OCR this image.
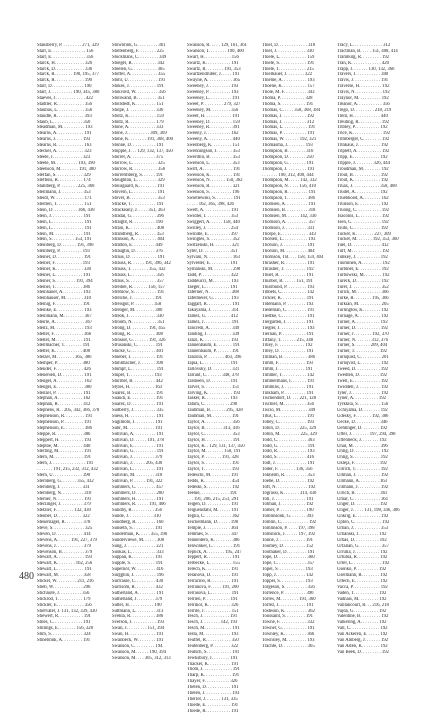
Stansberry, P. . . . . . . . . 271, 329
Starr, E. . . . . . . . . . . . . . . 156
Starr, E. . . . . . . . . . . . . . . 356
Starck, H. . . . . . . . . . . . . 326
Starck, D. . . . . . . . . . . . . 336
Starck, R. . . . . . . . 190, 195, 377
Starck, R. . . . . . . . . . . . . 190
Starr, D. . . . . . . . . . . . . . 190
Starr, J. . . . . . . . . . 190, 345, 380
Staeves, J. . . . . . . . . . . . . 422
Stadtler, R. . . . . . . . . . . . 356
Staubus, L. . . . . . . . . . . . 356
Staudte, R. . . . . . . . . . . . 393
Staub, L. . . . . . . . . . . . . 350
Steadman, M. . . . . . . . . . 193
Stearns, A. . . . . . . . . . . . 191
Stearns, J. . . . . . . . . . . . 193
Stearns, R. . . . . . . . . . . . 163
Steckel, A. . . . . . . . . . . . 323
Steele, J. . . . . . . . . . . . . 323
Steele, M. . . . . . . . . . 193, 390
Steenson, M. . . . . . . . 191, 380
Steffan, S. . . . . . . . . . . . 329
Steffens, R. . . . . . . . . . . 174
Stahlberg, P. . . . . . . . 225, 368
Steilmann, J. . . . . . . . . . 353
Steidl, W. . . . . . . . . . . . . 171
Steiflen, T. . . . . . . . . . . . 151
Stein, D. . . . . . . . . . . 366, 438
Stein, J. . . . . . . . . . . . . . 191
Stein, L. . . . . . . . . . . . . . 191
Stein, L. . . . . . . . . . . . . . 191
Stein, M. . . . . . . . . . . . . 191
Stein, S. . . . . . . . . . 153, 191
Steinberg, D. . . . . . . 191, 390
Steinberg, P. . . . . . . . . . 193
Steiner, D. . . . . . . . . . . . 191
Steiner, F. . . . . . . . . . . . 193
Steiner, K. . . . . . . . . . . . 330
Steiner, L. . . . . . . . . . . . 191
Steiner, S. . . . . . . . . 191, 394
Steiner, T. . . . . . . . . . . . 386
Steinhauer, A. . . . . . . . . 193
Steinhauser, M. . . . . . . . 310
Steinig, F. . . . . . . . . . . . 191
Steinke, E. . . . . . . . . . . . 193
Steinmann, M. . . . . . . . . 367
Steirle, A. . . . . . . . . . . . . 367
Steitz, M. . . . . . . . . . . . . 193
Stelter, F. . . . . . . . . . . . . 366
Stelter, M. . . . . . . . . . . . 191
Stellmacher, T. . . . . . . . 191
Stelter, K. . . . . . . . . . . . 408
Stelzer, M. . . . . . . . 365, 386
Stemper, P. . . . . . . . . . . 380
Stender, F. . . . . . . . . . . . 426
Stenersen, D. . . . . . . . . . 191
Stengel, A. . . . . . . . . . . . 162
Stengel, E. . . . . . . . . . . . 380
Stenzel, P. . . . . . . . . . . . 191
Stephan, A. . . . . . . . . . . 162
Stephan, R. . . . . . . . . . . 412
Stephens, R. . 205, 342, 366, 378
Stephenson, R. . . . . . . . . 191
Stephenson, P. . . . . . . . . 191
Stephenson, E. . . . . . . . . 386
Steppe, R. . . . . . . . . . . . 386
Steppert, H. . . . . . . . . . . 193
Steptoe, M. . . . . . . . . . . 440
Sterling, M. . . . . . . . . . . 191
Stern, M. . . . . . . . . . . . . 191
Stern, J. . . . . . . . . . . . . . . 191
. . . . . . . 191, 215, 232, 312, 432
Stern, U. . . . . . . . . . . . . 390
Sternberg, G. . . . . . . 355, 432
Sternberg, J. . . . . . . . . . 331
Sternberg, N. . . . . . . . . . 310
Sterner, N. . . . . . . . . . . . 191
Sterzinger, J. . . . . . . . . . 379
Stetzler, F. . . . . . . . 132, 430
Steuber, D. . . . . . . . . . . 322
Steuernagel, R. . . . . . . . 378
Steve, S. . . . . . . . . . . . . . 325
Steven, D. . . . . . . . . . . . 414
Stevens, A. . . . . . 191, 227, 379
Stevens, J. . . . . . . . . . . . 379
Stevenson, B. . . . . . . . . . 379
Stewart, A. . . . . . . . . . . . 193
Stewart, K. . . . . . . . 162, 256
Stewart, L. . . . . . . . . . . . 191
Stewart, M. . . . . . . . . . . 358
Stickel, W. . . . . . . . . 211, 216
Stieb, W. . . . . . . . . . . . . 296
Stichnote, J. . . . . . . . . . 356
Stickrod, T. . . . . . . . . . . 179
Stickler, E. . . . . . . . . . . . 356
Stiefvater, J. 131, 132, 339, 430
Stiewert, R. . . . . . . . . . . 191
Stiles, C. . . . . . . . . . . . . 191
Stillings, E. . . . . . . . 156, 328
Stim, S. . . . . . . . . . . . . . 324
Stinebrink, A. . . . . . . . . 191
Stowbrink, G. . . . . . . . . 361
Stoltenberg, F. . . . . . . . 225
Stockmans, C. . . . . . . . . 349
Stoeger, R. . . . . . . . . . . 342
Stoelen, G. . . . . . . . . . . 365
Stoffel, A. . . . . . . . . . . . 455
Stohr, U. . . . . . . . . . . . . 191
Stokes, J. . . . . . . . . . . . 191
Stokvold, W. . . . . . . . . . 356
Stoliwand, B. . . . . . . . . 351
Stollstedt, K. . . . . . . . . 151
Stolpe, J. . . . . . . . . . . . 336
Stoltz, K. . . . . . . . . . . . 159
Stoltz, R. . . . . . . . . . . . 179
Stone, A. . . . . . . . . . . . 333
Stone, J. . . . . . . . . . 309, 369
Stone, K. . . . . . . . 191, 368, 400
Stonne, D. . . . . . . . . . . 191
Stopple, J. . . 129, 132, 137, 450
Storrer, A. . . . . . . . . . . 375
Storrow, L. . . . . . . . . . . 325
Storrow, R. . . . . . . . . . . 356
Storrermberg, S. . . . . . 191
Stoughton, L. . . . . . . . . 329
Stousgaard, K. . . . . . . . 191
Stovern, L. . . . . . . . . . . 191
Stover, B. . . . . . . . . . . . 353
Stracke, T. . . . . . . . . . . 191
Strackeany, J. . . . . 351, 363
Stradal, G. . . . . . . . . . . 396
Straight, R. . . . . . . . . . 190
Strain, K. . . . . . . . . . . . 400
Strandberg, R. . . . . . . . 353
Stranson, A. . . . . . . . . . 404
Stratton, E. . . . . . . . . . 449
Straughn, D. . . . . . . . . 376
Straus, D. . . . . . . . . . . . 191
Strauss, R. . . . . . 191, 396, 342
Strauss, T. . . . . . . . 355, 432
Strauss, L. . . . . . . . . . . 356
Straus, S. . . . . . . . . . . . 357
Streibel, R. . . . . . . 156, 157
Strehlow, S. . . . . . . . . . 191
Streiche, J. . . . . . . . . . 191
Streisgut, P. . . . . . . . . 358
Strenger, M. . . . . . . . . 380
Streok, J. . . . . . . . . . . . 330
Stroom, N. . . . . . . . . . . 351
Strong, D. . . . . . . . 191, 455
Strong, R. . . . . . . . . . . 308
Strosser, G. . . . . . . 191, 326
Strusanski, C. . . . . . . . 191
Stucke, G. . . . . . . . . . . 401
Stueber, J. . . . . . . . . . . 191
Stuhlmacher, J. . . . . . . 390
Stumpf, L. . . . . . . . . . . 191
Stuper, T. . . . . . . . . . . 193
Stürmer, B. . . . . . . . . . 442
Styles, H. . . . . . . . . . . 163
Suarez, B. . . . . . . . . . . 191
Suaudi, E. . . . . . . . . . . 191
Suarez, D. . . . . . . . . . . 191
Sudberry, J. . . . . . . . . . 335
Suess, H. . . . . . . . . . . . 191
Sugimoto, J. . . . . . . . . 191
Suhr, M. . . . . . . . . . . . 191
Sullivan, A. . . . . . . . . . 191
Sullivan, D. . . . . . 191, 378
Sullivan, E. . . . . . . . . . 191
Sullivan, G. . . . . . . . . . 191
Sullivan, J. . . . . . . . . . 379
Sullivan, J. . . . . . 205, 430
Sullivan, L. . . . . . . . . . 191
Sullivan, M. . . . . . . . . 310
Sullivan, P. . . . . . 191, 322
Summers, C. . . . . . . . . 457
Summers, D. . . . . . . . . 200
Summers, H. . . . . . . . . 191
Summers, R. . . . . . 191, 406
Sundby, R. . . . . . . . . . 356
Sunde, J. . . . . . . . . . . 310
Sundberg, R. . . . . . . . . 160
Sunseth, S. . . . . . . . . . 191
Sunderman, K. . . . . 355, 396
Sunderviewe, M. . . . . . 300
Sung, J. . . . . . . . . . . . . 221
Suokas, L. . . . . . . . . . . 333
Suppan, K. . . . . . . . . . 191
Supple, S. . . . . . . . . . . 191
Supernor, W. . . . . . . . . 416
Surgghin, J. . . . . . . . . . 196
Surrrasse, C. . . . . . . . . 430
Surrisom, R. . . . . . . . . 432
Sutherland, A. . . . . . . . 191
Sutherland, J. . . . . . . . 379
Sutter, H. . . . . . . . . . . 190
Suttmann, L. . . . . . . . . 313
Svehla, R. . . . . . . . . . . 386
Sverson, J. . . . . . . . . . . 193
Swan, J. . . . . . . . . 151, 394
Swan, H. . . . . . . . . . . . 191
Swanbeck, W. . . . . . . . 191
Swanson, C. . . . . . . . . 194
Swanson, M. . . . . . 190, 394
Swanson, M. . . . 305, 312, 313
Swanson, R. . . . . 129, 161, 361
Swanson, T. . . . . . . . 190, 400
Swart, H. . . . . . . . . . . . 156
Swartz, K. . . . . . . . . . . 191
Swartz, R. . . . . . . . 191, 353
Swartzendruber, J. . . . . 191
Swayne, A. . . . . . . . . . . 365
Sweeney, J. . . . . . . . . . 193
Sweeney, P. . . . . . . . . . 193
Sweeney, L. . . . . . . . . . 191
Sweet, P. . . . . . . . . 279, 327
Sweeney, M. . . . . . . . . 356
Sweet, H. . . . . . . . . . . . 191
Sweeney, D. . . . . . . . . . 159
Sweeney, R. . . . . . . . . . 391
Sweeny, J. . . . . . . . . . . 162
Sweeny, A. . . . . . . . . . . 440
Swenberg, K. . . . . . . . . 151
Swenningson, J. . . . . . . 353
Swerdlin, B. . . . . . . . . . 353
Swenson, L. . . . . . . . . . 353
Swift, A. . . . . . . . . . . . . 191
Swenson, K. . . . . . . . . . 191
Swenson, N. . . . . . . 150, 362
Swenson, R. . . . . . . . . . 321
Swenson, S. . . . . . . . . . 196
Swietlewski, S. . . . . . . . 191
. . . . . 162, 365, 398, 426
Swett, A. . . . . . . . . . . . 191
Swidler, I. . . . . . . . . . . 353
Swiggert, A. . . . . . 158, 440
Swilley, J. . . . . . . . . . . 254
Swindle, E. . . . . . . . . . 397
Swingles, S. . . . . . . . . . 352
Switzenski, H. . . . . . . . 321
Syter, D. . . . . . . . . . . . 351
Sylvain, N. . . . . . . . . . . 163
Sylvester, E. . . . . . . . . 191
Symanski, M. . . . . . . . . 298
Tadd, P. . . . . . . . . . . . . 422
Taddeucci, M. . . . . . . . 193
Taeger, L. . . . . . . . . . . 191
Taferner, N. . . . . . . . . . 308
Tafelmeier, G. . . . . . . . 193
Taggart, R. . . . . . . . . . . 191
Takayama, J. . . . . . . . . 314
Tamez, G. . . . . . . . . . . 412
Tamez, J. . . . . . . . . . . . 191
Tancredi, A. . . . . . . . . . 349
Tanding, J. . . . . . . . . . . 339
Tanzi, K. . . . . . . . . . . . 193
Tannenbaum, E. . . . . . . 191
Tannenbaum, P. . . . . . . 191
Tanzola, P. . . . . . . . 463, 396
Tapia, L. . . . . . . . . . . . 191
Tarlovsky, D. . . . . . . . . 331
Tarrant, C. . . . . . . 348, 378
Tarsheen, D. . . . . . . . . 191
Tarver, S. . . . . . . . . . . . 151
Tarving, K. . . . . . . . . . . 193
Tasker, R. . . . . . . . . . . 193
Tatum, C. . . . . . . . . . . 290
Taubman, B. . . . . . . 295, 428
Taubman, M. . . . . . . . . 191
Taylor, A. . . . . . . . . . . . 356
Taylor, B. . . . . . . . 313, 416
Taylor, C. . . . . . . . . . . . 353
Taylor, H. . . . . . . . . . . . 191
Taylor, K. . 129, 131, 137, 450
Taylor, M. . . . . . . . 150, 191
Taylor, P. . . . . . . . 191, 328
Taylor, S. . . . . . . . . . . . 191
Taylor, T. . . . . . . . . . . . 193
Tedeschi, M. . . . . . . . . 191
Tedds, K. . . . . . . . . . . . 454
Tedeski, S. . . . . . . . . . . 192
Teenie, . . . . . . . . . . . . 191
. . . 191, 206, 215, 251, 291
Teigen, D. . . . . . . . . . . 191
Teiguenstahl, M. . . . . . 191
Teglia, C. . . . . . . . . . . . 362
Teichelmann, D. . . . . . 198
Temple, J. . . . . . . . . . . 364
Temmes, S. . . . . . . . . . 347
Tennentero, K. . . . . . . . 386
Tenwinkel, L. . . . . . . . . 191
Teplick, A. . . . . . . . 195, 247
Teppert, R. . . . . . . . . . . 191
Terbecke, L. . . . . . . . . . 155
Terech, K. . . . . . . . . . . 191
Teranova, D. . . . . . . . . 191
Terracino, R. . . . . . . . . 191
Terranova, F. . . . . 191, 200
Terrasova, L. . . . . . . . . 191
Terrien, P. . . . . . . . . . . 191
Terrikor, K. . . . . . . . . . 326
Terrile, J. . . . . . . . . . . . 151
Tesch, J. . . . . . . . . . . . 191
Tesch, J. . . . . . . . 142, 193
Tesch, M. . . . . . . . . . . . 191
Testa, M. . . . . . . . . . . . 193
Teuffel, R. . . . . . . . . . . 350
Teutenberg, P. . . . . . . . 322
Teutsch, S. . . . . . . . . . . 191
Tewksbury, J. . . . . . . . 191
Thacker, K. . . . . . . . . . 191
Thom, J. . . . . . . . . . . . . 191
Tharp, K. . . . . . . . . . . . 191
Thayer, F. . . . . . . . . . . 326
Thelen, D. . . . . . . . . . . 191
Thelen, J. . . . . . . . . . . . 193
Theriot, J. . . . . . . 131, 335
Thiede, E. . . . . . . . . . . 191
Thiede, R. . . . . . . . . . . 191
Thiel, D. . . . . . . . . . . . . 318
Thiel, J. . . . . . . . . . . . . 330
Thiele, L. . . . . . . . . . . . 159
Thiele, S. . . . . . . . . . . . 191
Thiele, T. . . . . . . . . . . . 215
Thielhauer, J. . . . . . . . 322
Thieme, A. . . . . . . . . . . 193
Thoene, K. . . . . . . . . . . 157
Thole, M. F. . . . . . . . . . 343
Thoma, P. . . . . . . . . . . 328
Thoma, S. . . . . . . . . . . 191
Thomas, C. . . . . 358, 368, 384
Thomas, J. . . . . . . . . . . 192
Thomas, J. . . . . . . . . . . 312
Thomas, L. . . . . . . . . . . 191
Thomas, P. . . . . . . . . . . 191
Thomas, W. . . . . . . 192, 321
Thomasma, J. . . . . . . . 193
Thompson, B. . . . . . . . 316
Thompson, D. . . . . . . . 250
Thompson, G. . . . . . . . 191
Thompson, J. . . . . . . . . 191
. . . . . . . 190, 312, 400, 444
Thompson, M. . . . . 142, 332
Thompson, N. . . . . 156, 410
Thompson, R. . . . . . . . . 191
Thompson, T. . . . . . . . . 386
Thomsen, A. . . . . . . . . . 191
Thomsen, B. . . . . . . . . . 318
Thomsen, M. . . . . . 142, 330
Thomson, A. . . . . . . . . . 357
Thomson, J. . . . . . . . . . 331
Thorpe, E. . . . . . . . . . . . 343
Thorsen, L. . . . . . . . . . . 193
Thorson, J. . . . . . . . . . . 191
Thorson, M. . . . . . . . . . 404
Thornson, TB. . . . 158, 159, 404
Thrasher, R. . . . . . . . . . 191
Thrasher, T. . . . . . . . . . 192
Thuet, R. . . . . . . . . . . . 191
Thurber, R. . . . . . 151, 191
Thurmond, P. . . . . . . . . 193
Tibbets, C. . . . . . . . . . . 142
Tickler, K. . . . . . . . . . . 191
Tidemann, P. . . . . . . . . 193
Tiedeman, C. . . . . . . . . 191
Tiedtke, C. . . . . . . . . . . 191
Tiergarten, J. . . . . . . . . 191
Tiegler, J. . . . . . . . . . . . 193
Tiernan, P. . . . . . . . . . . 191
Tiffany, T. . . . . . . 215, 348
Tilley, F. . . . . . . . . . . . 192
Tilley, D. . . . . . . . . . . . 191
Tillman, B. . . . . . . . . . . 386
Timm, F. . . . . . . . . . . . 193
Timm, J. . . . . . . . . . . . 191
Timmer, T. . . . . . . . . . . 142
Timmermans, I. . . . . . . 191
Timmins, J. . . . . . . . . . 191
Tinkham, P. . . . . . . . . . 191
Tischendorf, D. . . . 221, 128
Tischler, M. . . . . . . . . . 356
Tiscio, M. . . . . . . . . . . . 349
Titus, L. . . . . . . . . . . . . 191
Tobey, C. . . . . . . . . . . . 193
Tobin, D. . . . . . . . . 225, 329
Tobin, M. . . . . . . . . 225, 329
Todd, C. . . . . . . . . . . . . 363
Todd, G. . . . . . . . . . . . . 191
Todd, R. . . . . . . . . . . . . 193
Todd, S. . . . . . . . . . . . . 416
Todt, J. . . . . . . . . . . . . . 191
Toder, F. . . . . . . . 136, 356
Tokheim, R. . . . . . . . . . 353
Toebe, D. . . . . . . . . . . . 192
Toft, N. . . . . . . . . . . . . . 192
Tograssi, K. . . . . . . 314, 430
Toll, J. . . . . . . . . . . . . . 191
Tolman, J. . . . . . . . . . . 192
Tomer, P. . . . . . . . . . . . 190
Tomlinsonk, G. . . . . . . 393
Tomlin, C. . . . . . . . . . . . 192
Tomlinson, P. . . . . 197, 398
Tomshick, J. . . . . . 197, 392
Tonne, J. . . . . . . . . . . . 191
Toomey, D. . . . . . . . . . 152
Toothaker, D. . . . . . . . . 191
Tope, D. . . . . . . . . . . . . 360
Tope, C. . . . . . . . . . . . . 357
Topel, S. . . . . . . . . . . . 193
Topp, J. . . . . . . . . . . . . 142
Toppel, S. . . . . . . . . . . 193
Torgeson, S. . . . . . . . . . 356
Torrence, P. . . . . . . . . . 390
Torres, M. . . . . . . . 191, 360
Torrez, J. . . . . . . . . . . . 191
Tosteson, K. . . . . . . . . . 362
Toussaint, S. . . . . . . . . 191
Towne, F. . . . . . . . . . . . 332
Towner, G. . . . . . . . . . . 191
Townley, K. . . . . . . . . . 366
Townsley, M. . . . . . . . . 193
Trachte, D. . . . . . . . . . . 365
Tracy, L. . . . . . . . . . . . . 312
Tractman, B. . . . . 151, 408, 414
Tramburg, R. . . . . . . . . 192
Tran, K. . . . . . . . . . . . . 420
Trapp, J. . . . . . . 130, 132, 366
Travers, J. . . . . . . . . . . 380
Travis, J. . . . . . . . . . . . 191
Traverse, H. . . . . . . . . . 192
Travis, N. . . . . . . . . . . . 192
Traynor, M. . . . . . . . . . 192
Treanor, A. . . . . . . . . . . 356
Trego, D. . . . . . . . . 218, 219
Trent, H. . . . . . . . . . . . 440
Treuting, R. . . . . . . . . . 192
Tribley, P. . . . . . . . . . . 192
Trice, K. . . . . . . . . . . . . 192
Trimberger, C. . . . . . . . 192
Trinkaus, J. . . . . . . . . . 192
Triplett, A. . . . . . . . . . . 192
Tripp, E. . . . . . . . . . . . 192
Trippie, J. . . . . . . . 326, 444
Troudman, M. . . . . . . . 192
Trout, B. . . . . . . . . . . . 192
Trout, K. . . . . . . . . . . . 192
Truax, J. . . . . . . . . . . . 358, 408
Trudel, A. . . . . . . . . . . 192
Truebhood, A. . . . . . . . 162
Truilson, E. . . . . . . . . . 192
Truong, C. . . . . . . . . . . 192
Tsaconis, L. . . . . . . . . . 192
Tsen, C. . . . . . . . . . . . . 192
Tsuto, C. . . . . . . . . . . . 192
Tucker, K. . . . . . . . 227, 309
Tucker, M. . . . . . . 192, 353, 360
Tuel, D. . . . . . . . . . . . . 412
Tuff, M. . . . . . . . . . . . . 192
Tuhkey, J. . . . . . . . . . . 192
Tuominen, A. . . . . . . . . 192
Turbiner, E. . . . . . . . . . 192
Turbowski, M. . . . . . . . 192
Tureck, D. . . . . . . . . . . 192
Turer, J. . . . . . . . . . . . . 352
Turick, M. . . . . . . . . . . 366
Turke, R. . . . . . . . 195, 366
Turkian, M. . . . . . . . . . 205
Turlington, K. . . . . . . . 192
Turnage, A. . . . . . . . . . 192
Turner, A. . . . . . . . . . . 192
Turner, D. . . . . . . . . . . 192
Turner, J. . . . . . . . 192, 370
Turner, N. . . . . . . 312, 376
Turner, S. . . . . . . 209, 404
Turner, T. . . . . . . . . . . 192
Turnquist, C. . . . . . . . . 201
Turnqvist, L. . . . . . . . . 192
Tweed, D. . . . . . . . . . . 192
Twedten, D. . . . . . . . . 192
Tweit, E. . . . . . . . . . . . 192
Twiddell, J. . . . . . . . . . 192
Tyler, J. . . . . . . . . . . . . 192
Tyner, A. . . . . . . . . . . 192
Tyrkkila, S. . . . . . . . . . 156
Uchiyama, D. . . . . . . . 192
Udesky, F. . . . . . . 192, 386
Uecke, D. . . . . . . . . . . 346
Uehlinger, D. . . . . . . . 192
Uffel, J. . . . . . . . 197, 294, 398
Uffenbeck, J. . . . . . . . 192
Uhal, M. . . . . . . . . . . . 396
Uhlig, D. . . . . . . . . . . . 192
Uhlig, S. . . . . . . . . . . . 192
Ukleja, F. . . . . . . . . . . 192
Ullrich, T. . . . . . . . . . . 192
Ullman, J. . . . . . . . . . . 192
Ullmann, A. . . . . . . . . 163
Ullmann, J. . . . . . . . . . 192
Ulrich, B. . . . . . . . . . . 361
Umar, C. . . . . . . . . . . . 361
Unger, D. . . . . . . . . . . 192
Unger, J. . . . . 131, 198, 346, 386
Unkrig, E. . . . . . . . . . . 192
Upton, C. . . . . . . . . . . . 192
Urban, J. . . . . . . . . . . . 353
Urbanski, J. . . . . . . . . 192
Urbas, D. . . . . . . . . . . 192
Urfalian, G. . . . . . . . . . 357
Urrutia, J. . . . . . . . . . . 192
Urtubia, R. . . . . . . . . . 192
Urtel, L. . . . . . . . . . . . . 192
Usenko, P. . . . . . . . . . 192
Uselmann, R. . . . . . . . 192
Uttech, E. . . . . . . . . . . 192
Vacca, P. . . . . . . . . . . . 192
Vaden, T. . . . . . . . . . . 192
Vadnais, M. . . . . . . . . 192
Vaillancourt, R. . . 216, 218
Vajda, G. . . . . . . . . . . 192
Valentine, B. . . . . . . . . 192
Valkering, A. . . . . . . . 192
Vall, C. . . . . . . . . . . . . 192
Van Ackeren, E. . . . . . 192
Van Amberg, J. . . . . . . 192
Van Asten, K. . . . . . . . 192
Van Beek, D. . . . . . . . . 192
480
